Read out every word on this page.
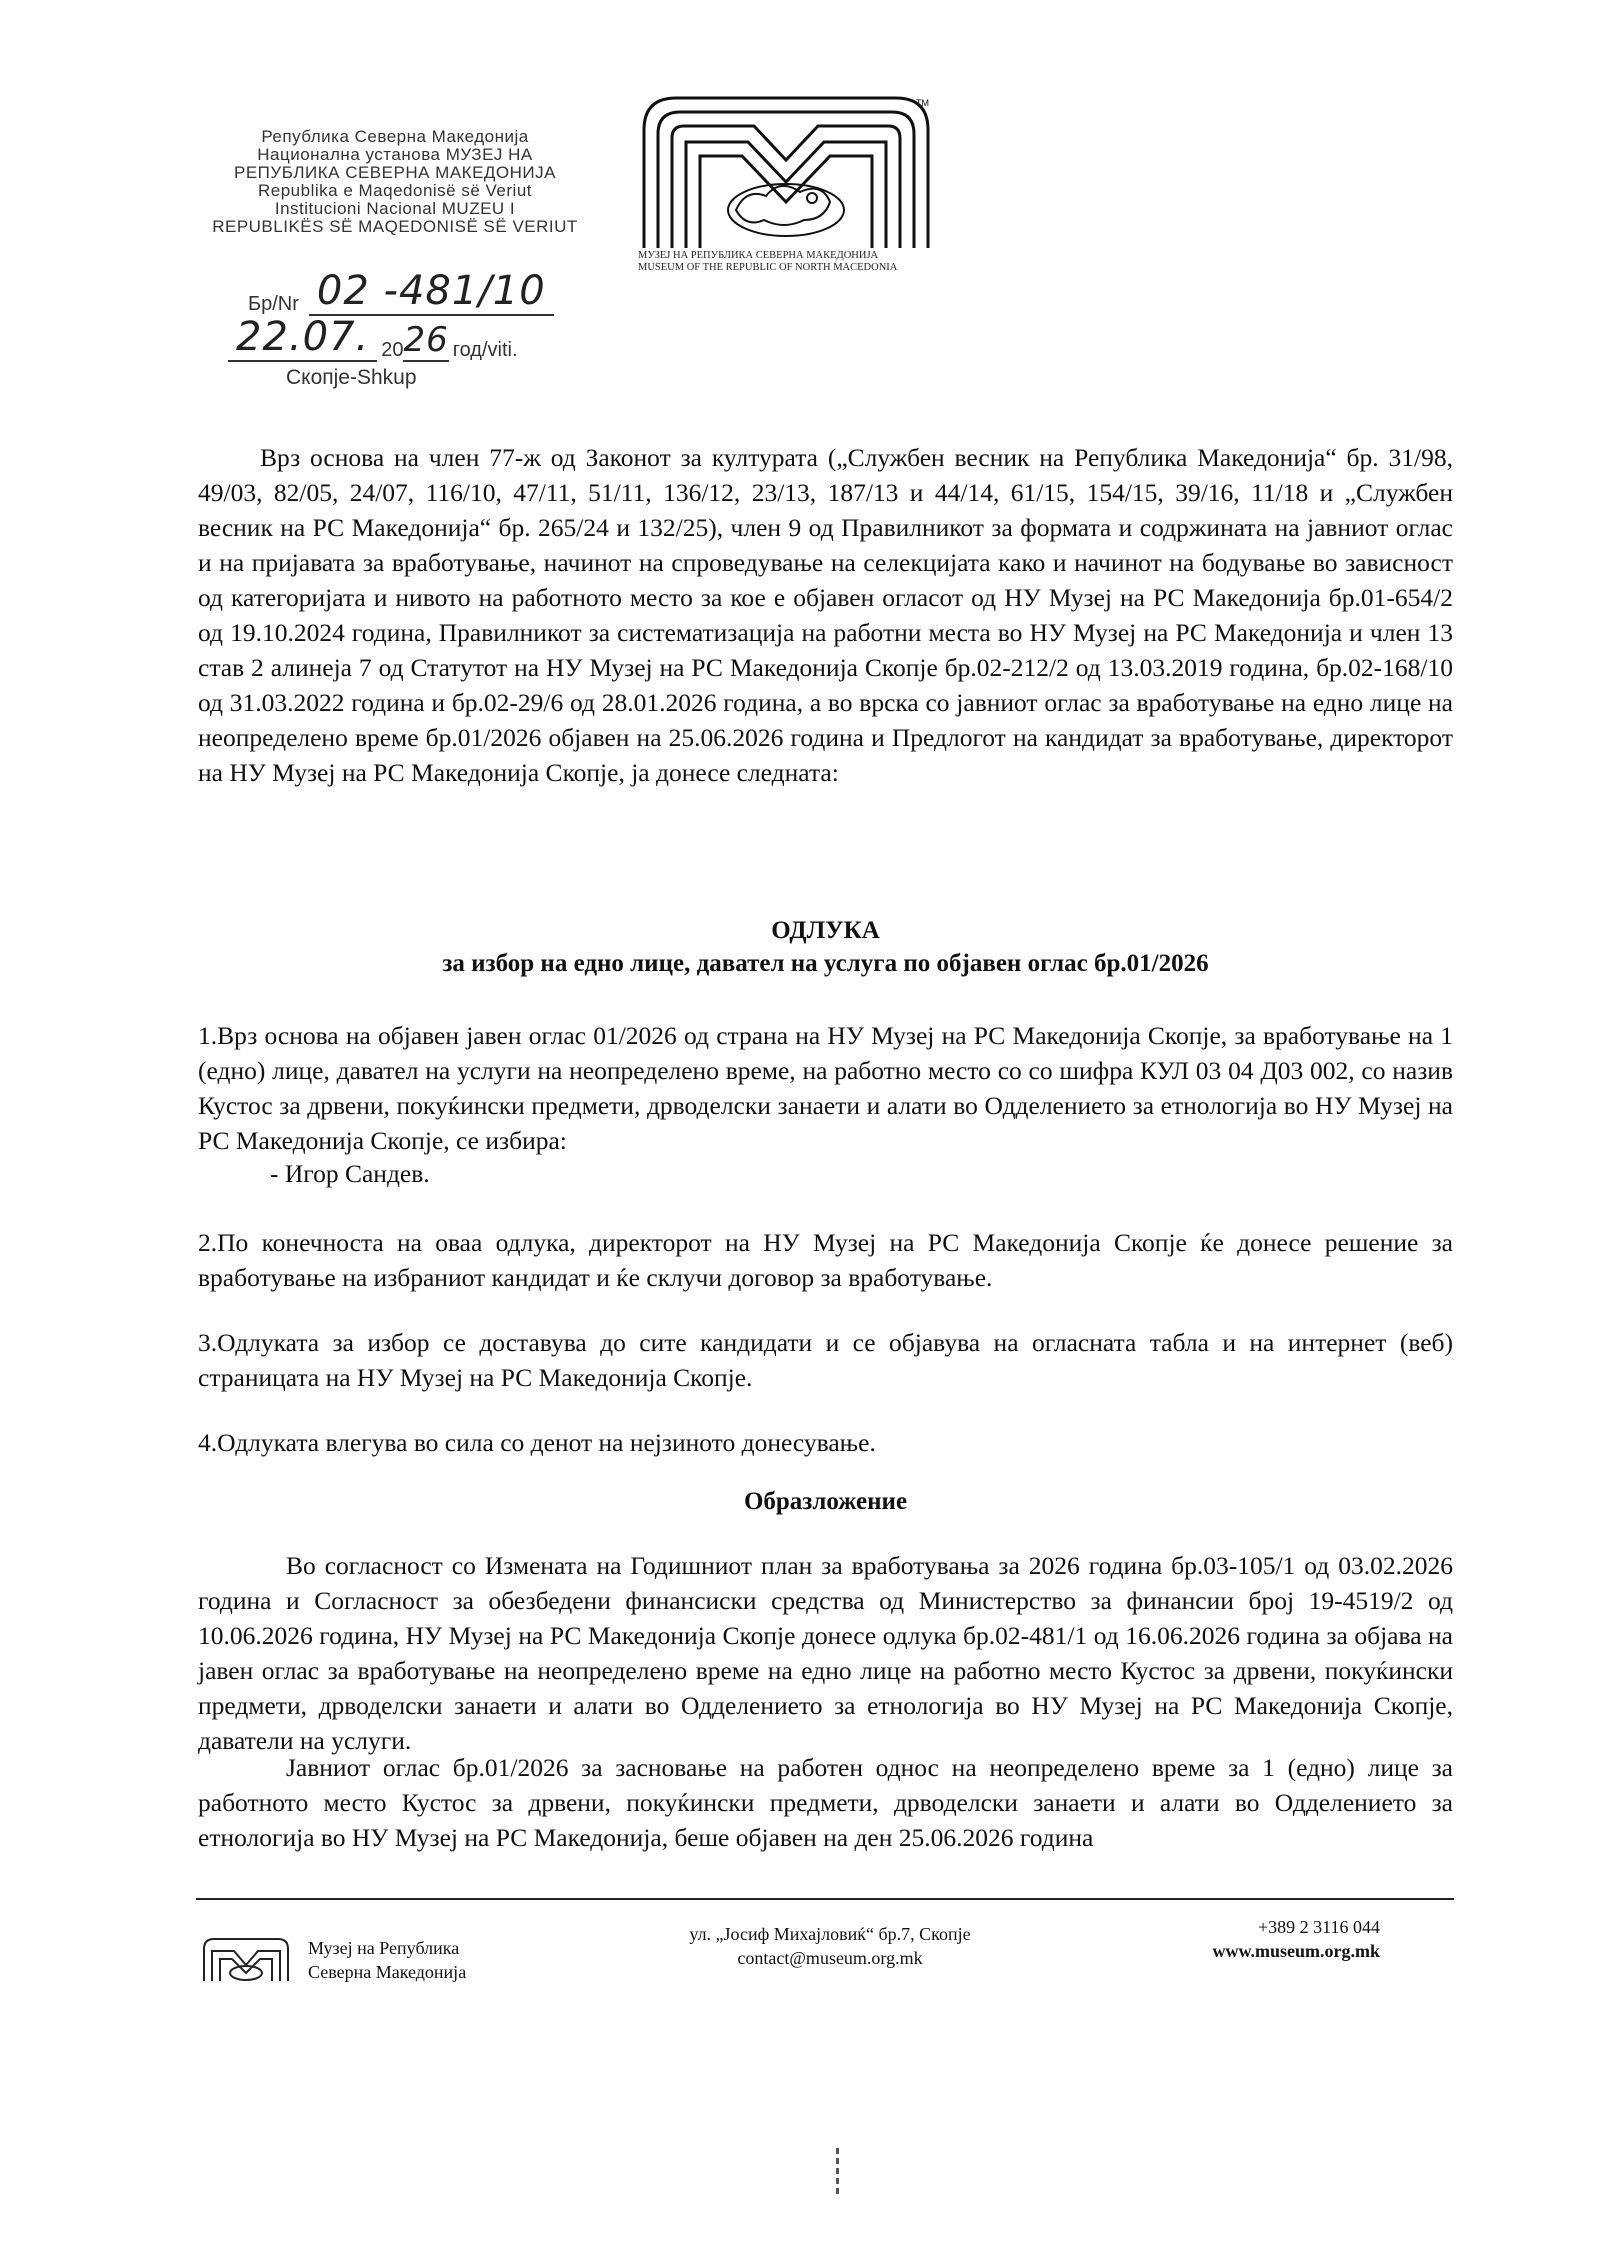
Република Северна Македонија
Национална установа МУЗЕЈ НА
РЕПУБЛИКА СЕВЕРНА МАКЕДОНИЈА
Republika e Maqedonisë së Veriut
Institucioni Nacional MUZEU I
REPUBLIKËS SË MAQEDONISË SË VERIUT
Бр/Nr 02 -481/10
22.07. 20 26 год/viti.
Скопје-Shkup
TM
МУЗЕЈ НА РЕПУБЛИКА СЕВЕРНА МАКЕДОНИЈА
MUSEUM OF THE REPUBLIC OF NORTH MACEDONIA
Врз основа на член 77-ж од Законот за културата („Службен весник на Република Македонија“ бр. 31/98, 49/03, 82/05, 24/07, 116/10, 47/11, 51/11, 136/12, 23/13, 187/13 и 44/14, 61/15, 154/15, 39/16, 11/18 и „Службен весник на РС Македонија“ бр. 265/24 и 132/25), член 9 од Правилникот за формата и содржината на јавниот оглас и на пријавата за вработување, начинот на спроведување на селекцијата како и начинот на бодување во зависност од категоријата и нивото на работното место за кое е објавен огласот од НУ Музеј на РС Македонија бр.01-654/2 од 19.10.2024 година, Правилникот за систематизација на работни места во НУ Музеј на РС Македонија и член 13 став 2 алинеја 7 од Статутот на НУ Музеј на РС Македонија Скопје бр.02-212/2 од 13.03.2019 година, бр.02-168/10 од 31.03.2022 година и бр.02-29/6 од 28.01.2026 година, а во врска со јавниот оглас за вработување на едно лице на неопределено време бр.01/2026 објавен на 25.06.2026 година и Предлогот на кандидат за вработување, директорот на НУ Музеј на РС Македонија Скопје, ја донесе следната:
ОДЛУКА
за избор на едно лице, давател на услуга по објавен оглас бр.01/2026
1.Врз основа на објавен јавен оглас 01/2026 од страна на НУ Музеј на РС Македонија Скопје, за вработување на 1 (едно) лице, давател на услуги на неопределено време, на работно место со со шифра КУЛ 03 04 Д03 002, со назив Кустос за дрвени, покуќински предмети, дрводелски занаети и алати во Одделението за етнологија во НУ Музеј на РС Македонија Скопје, се избира:
- Игор Сандев.
2.По конечноста на оваа одлука, директорот на НУ Музеј на РС Македонија Скопје ќе донесе решение за вработување на избраниот кандидат и ќе склучи договор за вработување.
3.Одлуката за избор се доставува до сите кандидати и се објавува на огласната табла и на интернет (веб) страницата на НУ Музеј на РС Македонија Скопје.
4.Одлуката влегува во сила со денот на нејзиното донесување.
Образложение
Во согласност со Измената на Годишниот план за вработувања за 2026 година бр.03-105/1 од 03.02.2026 година и Согласност за обезбедени финансиски средства од Министерство за финансии број 19-4519/2 од 10.06.2026 година, НУ Музеј на РС Македонија Скопје донесе одлука бр.02-481/1 од 16.06.2026 година за објава на јавен оглас за вработување на неопределено време на едно лице на работно место Кустос за дрвени, покуќински предмети, дрводелски занаети и алати во Одделението за етнологија во НУ Музеј на РС Македонија Скопје, даватели на услуги.
Јавниот оглас бр.01/2026 за засновање на работен однос на неопределено време за 1 (едно) лице за работното место Кустос за дрвени, покуќински предмети, дрводелски занаети и алати во Одделението за етнологија во НУ Музеј на РС Македонија, беше објавен на ден 25.06.2026 година
Музеј на Република
Северна Македонија
ул. „Јосиф Михајловиќ“ бр.7, Скопје
contact@museum.org.mk
+389 2 3116 044
www.museum.org.mk
